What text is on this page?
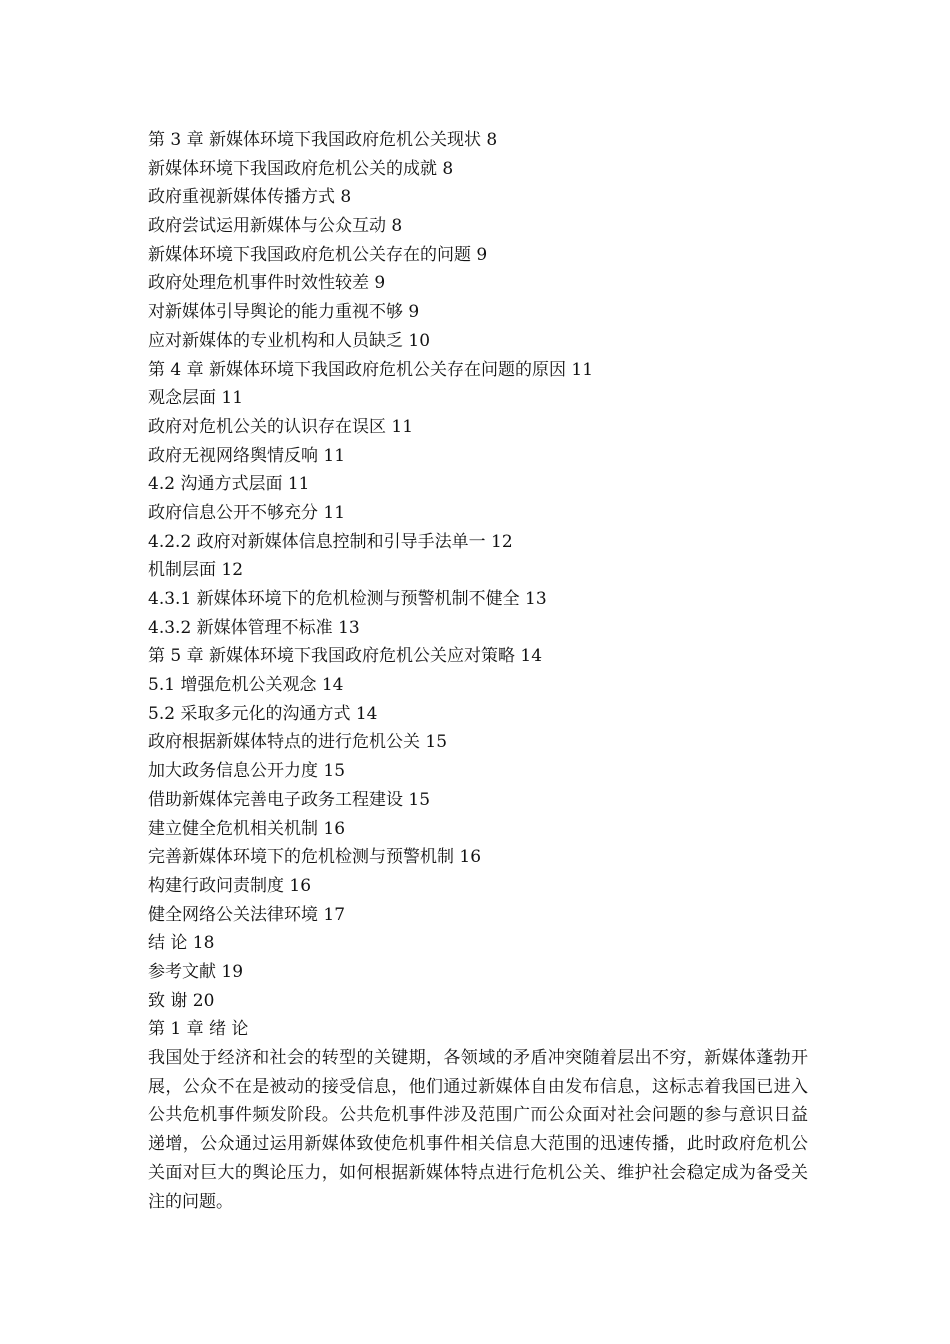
第 3 章 新媒体环境下我国政府危机公关现状 8
新媒体环境下我国政府危机公关的成就 8
政府重视新媒体传播方式 8
政府尝试运用新媒体与公众互动 8
新媒体环境下我国政府危机公关存在的问题 9
政府处理危机事件时效性较差 9
对新媒体引导舆论的能力重视不够 9
应对新媒体的专业机构和人员缺乏 10
第 4 章 新媒体环境下我国政府危机公关存在问题的原因 11
观念层面 11
政府对危机公关的认识存在误区 11
政府无视网络舆情反响 11
4.2 沟通方式层面 11
政府信息公开不够充分 11
4.2.2 政府对新媒体信息控制和引导手法单一 12
机制层面 12
4.3.1 新媒体环境下的危机检测与预警机制不健全 13
4.3.2 新媒体管理不标准 13
第 5 章 新媒体环境下我国政府危机公关应对策略 14
5.1 增强危机公关观念 14
5.2 采取多元化的沟通方式 14
政府根据新媒体特点的进行危机公关 15
加大政务信息公开力度 15
借助新媒体完善电子政务工程建设 15
建立健全危机相关机制 16
完善新媒体环境下的危机检测与预警机制 16
构建行政问责制度 16
健全网络公关法律环境 17
结 论 18
参考文献 19
致 谢 20
第 1 章 绪 论

我国处于经济和社会的转型的关键期，各领域的矛盾冲突随着层出不穷，新媒体蓬勃开展，公众不在是被动的接受信息，他们通过新媒体自由发布信息，这标志着我国已进入公共危机事件频发阶段。公共危机事件涉及范围广而公众面对社会问题的参与意识日益递增，公众通过运用新媒体致使危机事件相关信息大范围的迅速传播，此时政府危机公关面对巨大的舆论压力，如何根据新媒体特点进行危机公关、维护社会稳定成为备受关注的问题。
